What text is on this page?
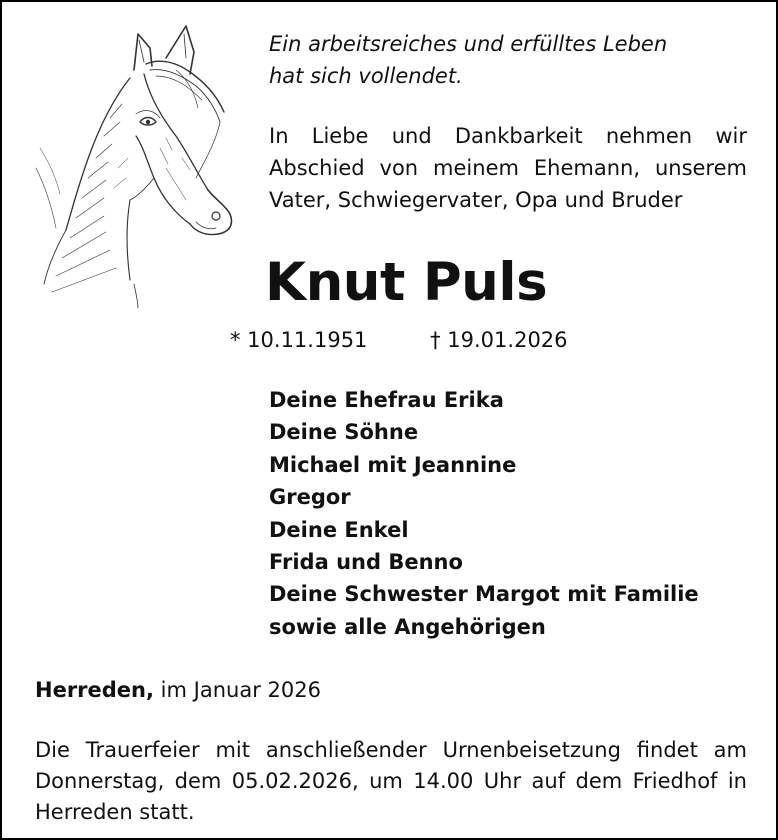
Ein arbeitsreiches und erfülltes Leben
hat sich vollendet.
In Liebe und Dankbarkeit nehmen wir Abschied von meinem Ehemann, unserem Vater, Schwiegervater, Opa und Bruder
Knut Puls
* 10.11.1951	† 19.01.2026
Deine Ehefrau Erika
Deine Söhne
Michael mit Jeannine
Gregor
Deine Enkel
Frida und Benno
Deine Schwester Margot mit Familie
sowie alle Angehörigen
Herreden, im Januar 2026
Die Trauerfeier mit anschließender Urnenbeisetzung findet am Donnerstag, dem 05.02.2026, um 14.00 Uhr auf dem Friedhof in Herreden statt.
